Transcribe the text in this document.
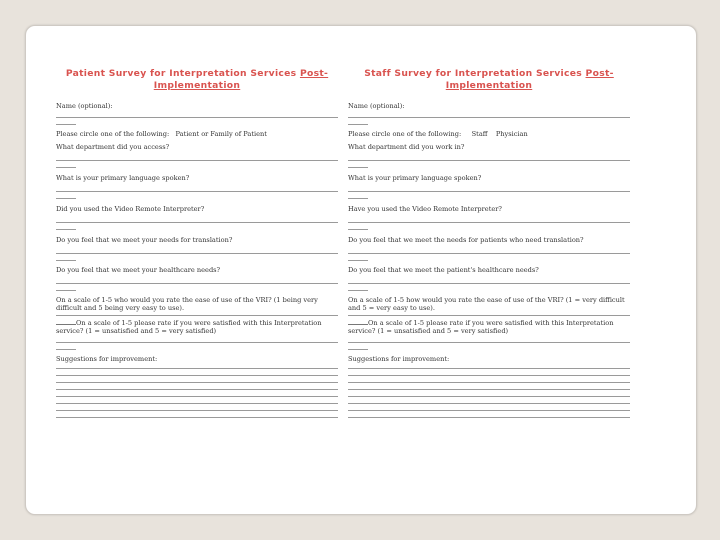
Patient Survey for Interpretation Services Post-Implementation
Name (optional):
Please circle one of the following: Patient or Family of Patient
What department did you access?
What is your primary language spoken?
Did you used the Video Remote Interpreter?
Do you feel that we meet your needs for translation?
Do you feel that we meet your healthcare needs?
On a scale of 1-5 who would you rate the ease of use of the VRI? (1 being very difficult and 5 being very easy to use).
On a scale of 1-5 please rate if you were satisfied with this Interpretation service? (1 = unsatisfied and 5 = very satisfied)
Suggestions for improvement:
Staff Survey for Interpretation Services Post-Implementation
Name (optional):
Please circle one of the following: Staff    Physician
What department did you work in?
What is your primary language spoken?
Have you used the Video Remote Interpreter?
Do you feel that we meet the needs for patients who need translation?
Do you feel that we meet the patient's healthcare needs?
On a scale of 1-5 how would you rate the ease of use of the VRI? (1 = very difficult and 5 = very easy to use).
On a scale of 1-5 please rate if you were satisfied with this Interpretation service? (1 = unsatisfied and 5 = very satisfied)
Suggestions for improvement:
